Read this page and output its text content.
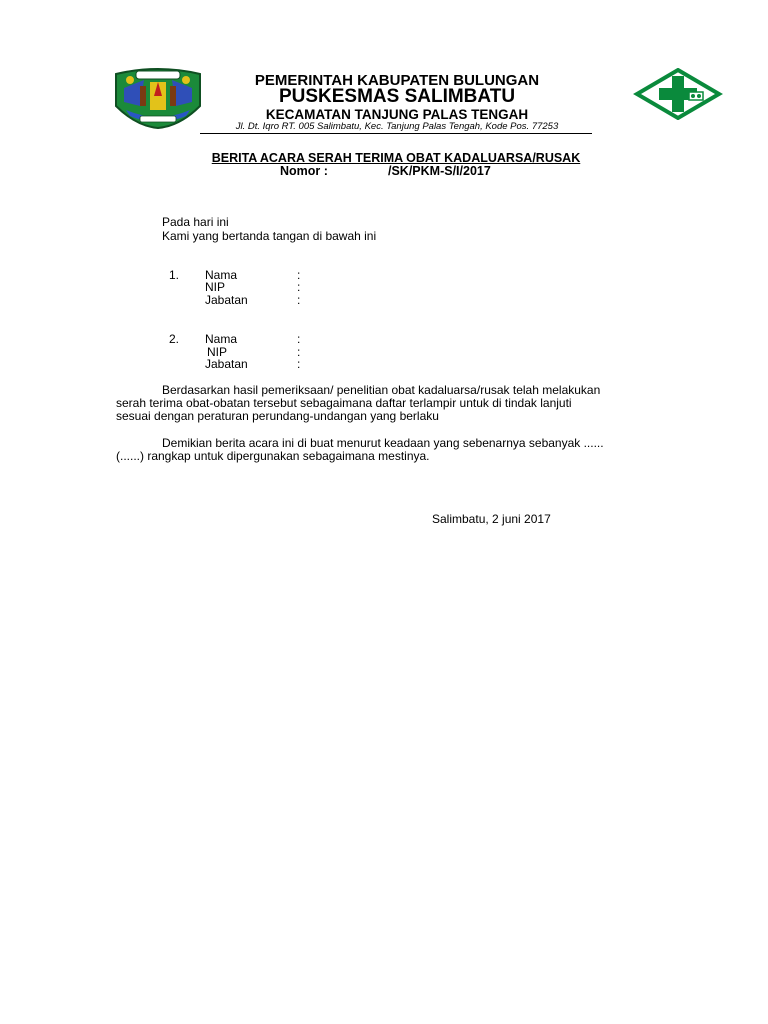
PEMERINTAH KABUPATEN BULUNGAN
PUSKESMAS SALIMBATU
KECAMATAN TANJUNG PALAS TENGAH
Jl. Dt. Iqro RT. 005 Salimbatu, Kec. Tanjung Palas Tengah, Kode Pos. 77253
BERITA ACARA SERAH TERIMA OBAT KADALUARSA/RUSAK
Nomor :	/SK/PKM-S/I/2017
Pada hari ini
Kami yang bertanda tangan di bawah ini
1. Nama
NIP
Jabatan
:
:
:
2. Nama
NIP
Jabatan
:
:
:
Berdasarkan hasil pemeriksaan/ penelitian obat kadaluarsa/rusak telah melakukan
serah terima obat-obatan tersebut sebagaimana daftar terlampir untuk di tindak lanjuti
sesuai dengan peraturan perundang-undangan yang berlaku
Demikian berita acara ini di buat menurut keadaan yang sebenarnya sebanyak ......
(......) rangkap untuk dipergunakan sebagaimana mestinya.
Salimbatu, 2 juni 2017
